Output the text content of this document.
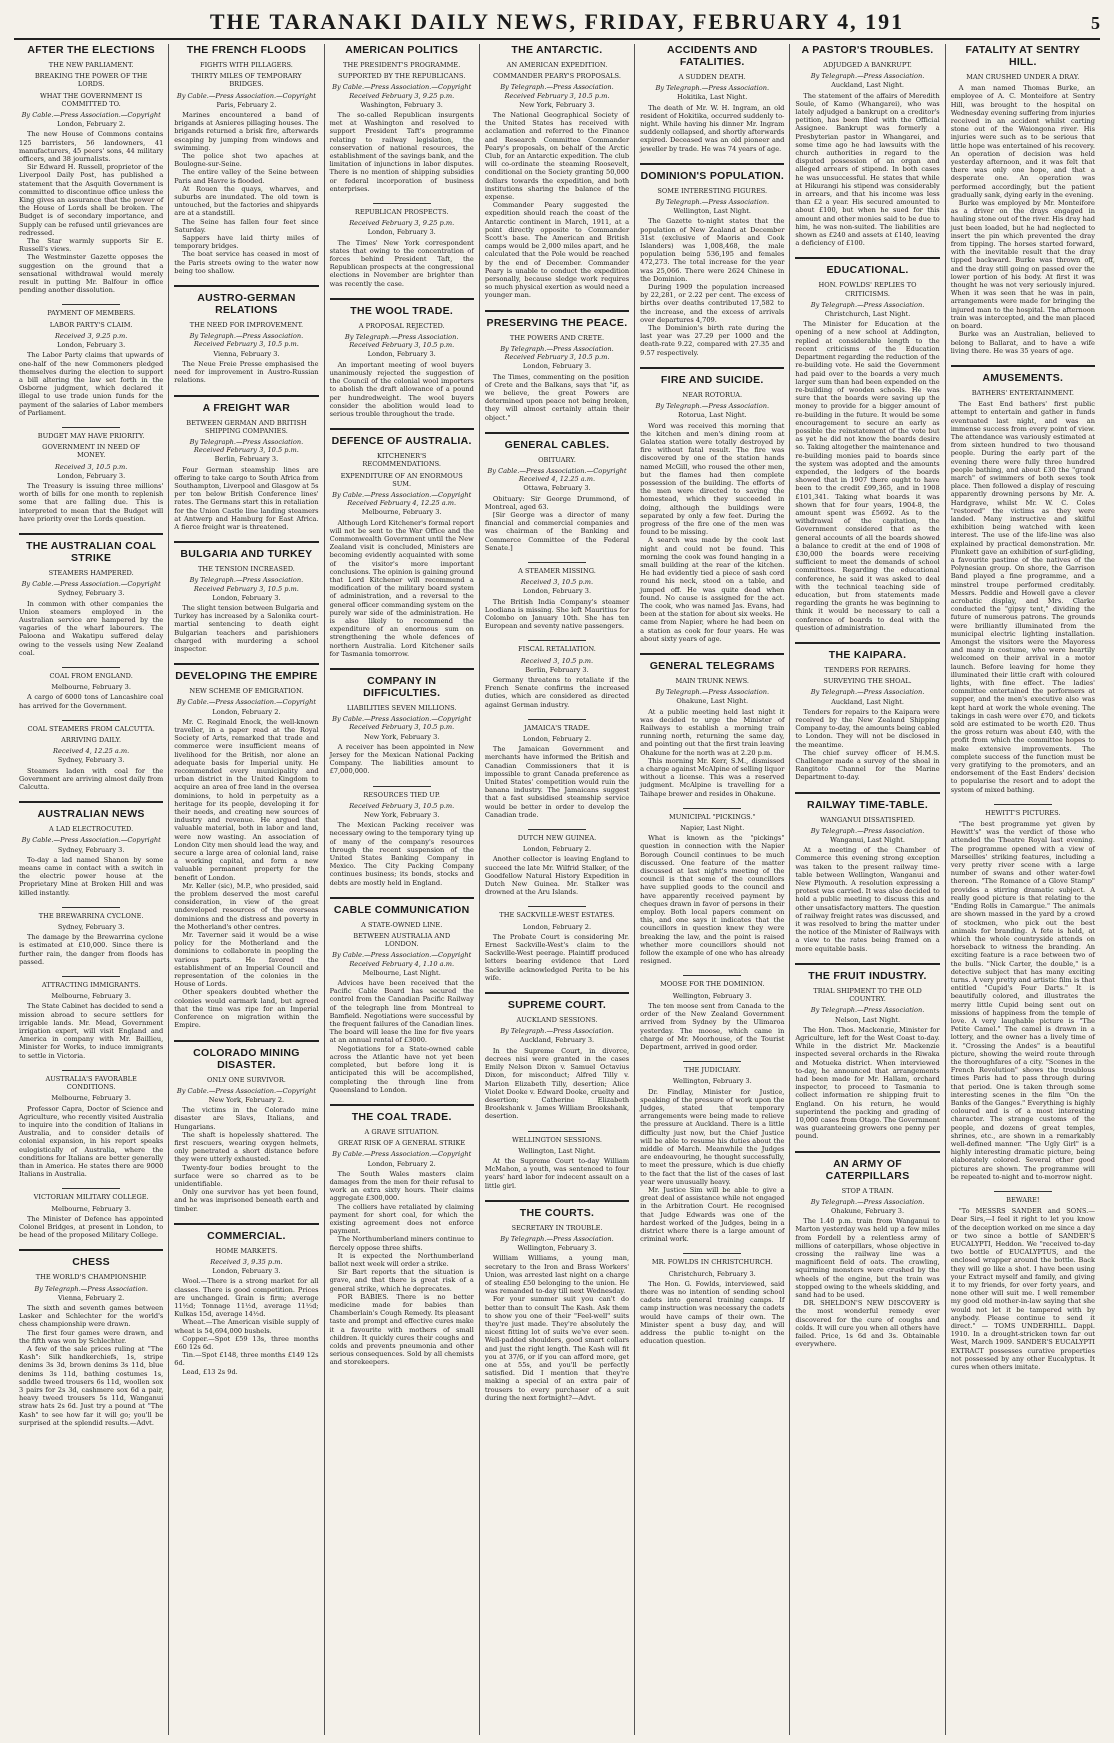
THE TARANAKI DAILY NEWS, FRIDAY, FEBRUARY 4, 191	5
AFTER THE ELECTIONS
THE NEW PARLIAMENT.
BREAKING THE POWER OF THE LORDS.
WHAT THE GOVERNMENT IS COMMITTED TO.
By Cable.—Press Association.—Copyright
London, February 2.

The new House of Commons contains 125 barristers, 56 landowners, 41 manufacturers, 45 peers' sons, 44 military officers, and 38 journalists.

Sir Edward H. Russell, proprietor of the Liverpool Daily Post, has published a statement that the Asquith Government is committed to discontinue office unless the King gives an assurance that the power of the House of Lords shall be broken. The Budget is of secondary importance, and Supply can be refused until grievances are redressed.

The Star warmly supports Sir E. Russell's views.

The Westminster Gazette opposes the suggestion on the ground that a sensational withdrawal would merely result in putting Mr. Balfour in office pending another dissolution.

PAYMENT OF MEMBERS.
LABOR PARTY'S CLAIM.
Received 3, 9.25 p.m.
London, February 3.

The Labor Party claims that upwards of one-half of the new Commoners pledged themselves during the election to support a bill altering the law set forth in the Osborne judgment, which declared it illegal to use trade union funds for the payment of the salaries of Labor members of Parliament.

BUDGET MAY HAVE PRIORITY.
GOVERNMENT IN NEED OF MONEY.
Received 3, 10.5 p.m.
London, February 3.

The Treasury is issuing three millions' worth of bills for one month to replenish some that are falling due. This is interpreted to mean that the Budget will have priority over the Lords question.

THE AUSTRALIAN COAL STRIKE
STEAMERS HAMPERED.
By Cable.—Press Association.—Copyright
Sydney, February 3.

In common with other companies the Union steamers employed in the Australian service are hampered by the vagaries of the wharf labourers. The Paloona and Wakatipu suffered delay owing to the vessels using New Zealand coal.

COAL FROM ENGLAND.
Melbourne, February 3.

A cargo of 6000 tons of Lancashire coal has arrived for the Government.

COAL STEAMERS FROM CALCUTTA.
ARRIVING DAILY.
Received 4, 12.25 a.m.
Sydney, February 3.

Steamers laden with coal for the Government are arriving almost daily from Calcutta.

AUSTRALIAN NEWS
A LAD ELECTROCUTED.
By Cable.—Press Association.—Copyright
Sydney, February 3.

To-day a lad named Shanon by some means came in contact with a switch in the electric power house at the Proprietary Mine at Broken Hill and was killed instantly.

THE BREWARRINA CYCLONE.
Sydney, February 3.

The damage by the Brewarrina cyclone is estimated at £10,000. Since there is further rain, the danger from floods has passed.

ATTRACTING IMMIGRANTS.
Melbourne, February 3.

The State Cabinet has decided to send a mission abroad to secure settlers for irrigable lands. Mr. Mead, Government irrigation expert, will visit England and America in company with Mr. Baillieu, Minister for Works, to induce immigrants to settle in Victoria.

AUSTRALIA'S FAVORABLE CONDITIONS.
Melbourne, February 3.

Professor Capra, Doctor of Science and Agriculture, who recently visited Australia to inquire into the condition of Italians in Australia, and to consider details of colonial expansion, in his report speaks eulogistically of Australia, where the conditions for Italians are better generally than in America. He states there are 9000 Italians in Australia.

VICTORIAN MILITARY COLLEGE.
Melbourne, February 3.

The Minister of Defence has appointed Colonel Bridges, at present in London, to be head of the proposed Military College.

CHESS
THE WORLD'S CHAMPIONSHIP.
By Telegraph.—Press Association.
Vienna, February 2.

The sixth and seventh games between Lasker and Schlechter for the world's chess championship were drawn.

The first four games were drawn, and the fifth was won by Schlechter.

A few of the sale prices ruling at "The Kash": Silk handkerchiefs, 1s, stripe denims 3s 3d, brown denims 3s 11d, blue denims 3s 11d, bathing costumes 1s, saddle tweed trousers 6s 11d, woollen sox 3 pairs for 2s 3d, cashmere sox 6d a pair, heavy tweed trousers 5s 11d, Wanganui straw hats 2s 6d. Just try a pound at "The Kash" to see how far it will go; you'll be surprised at the splendid results.—Advt.

THE FRENCH FLOODS
FIGHTS WITH PILLAGERS.
THIRTY MILES OF TEMPORARY BRIDGES.
By Cable.—Press Association.—Copyright
Paris, February 2.

Marines encountered a band of brigands at Asnieres pillaging houses. The brigands returned a brisk fire, afterwards escaping by jumping from windows and swimming.

The police shot two apaches at Boulogne-sur-Seine.

The entire valley of the Seine between Paris and Havre is flooded.

At Rouen the quays, wharves, and suburbs are inundated. The old town is untouched, but the factories and shipyards are at a standstill.

The Seine has fallen four feet since Saturday.

Sappers have laid thirty miles of temporary bridges.

The boat service has ceased in most of the Paris streets owing to the water now being too shallow.

AUSTRO-GERMAN RELATIONS
THE NEED FOR IMPROVEMENT.
By Telegraph.—Press Association. Received February 3, 10.5 p.m.
Vienna, February 3.

The Neue Freie Presse emphasised the need for improvement in Austro-Russian relations.

A FREIGHT WAR
BETWEEN GERMAN AND BRITISH SHIPPING COMPANIES.
By Telegraph.—Press Association. Received February 3, 10.5 p.m.
Berlin, February 3.

Four German steamship lines are offering to take cargo to South Africa from Southampton, Liverpool and Glasgow at 5s per ton below British Conference lines' rates. The Germans start this in retaliation for the Union Castle line landing steamers at Antwerp and Hamburg for East Africa. A fierce freight war is threatened.

BULGARIA AND TURKEY
THE TENSION INCREASED.
By Telegraph.—Press Association. Received February 3, 10.5 p.m.
London, February 3.

The slight tension between Bulgaria and Turkey has increased by a Salonika court-martial sentencing to death eight Bulgarian teachers and parishioners charged with murdering a school inspector.

DEVELOPING THE EMPIRE
NEW SCHEME OF EMIGRATION.
By Cable.—Press Association.—Copyright
London, February 2.

Mr. C. Reginald Enock, the well-known traveller, in a paper read at the Royal Society of Arts, remarked that trade and commerce were insufficient means of livelihood for the British, nor alone an adequate basis for Imperial unity. He recommended every municipality and urban district in the United Kingdom to acquire an area of free land in the oversea dominions, to hold in perpetuity as a heritage for its people, developing it for their needs, and creating new sources of industry and revenue. He argued that valuable material, both in labor and land, were now wasting. An association of London City men should lead the way, and secure a large area of colonial land, raise a working capital, and form a new valuable permanent property for the benefit of London.

Mr. Keller (sic), M.P., who presided, said the problem deserved the most careful consideration, in view of the great undeveloped resources of the overseas dominions and the distress and poverty in the Motherland's other centres.

Mr. Taverner said it would be a wise policy for the Motherland and the dominions to collaborate in peopling the various parts. He favored the establishment of an Imperial Council and representation of the colonies in the House of Lords.

Other speakers doubted whether the colonies would earmark land, but agreed that the time was ripe for an Imperial Conference on migration within the Empire.

COLORADO MINING DISASTER.
ONLY ONE SURVIVOR.
By Cable.—Press Association.—Copyright
New York, February 2.

The victims in the Colorado mine disaster are Slavs, Italians, and Hungarians.

The shaft is hopelessly shattered. The first rescuers, wearing oxygen helmets, only penetrated a short distance before they were utterly exhausted.

Twenty-four bodies brought to the surface were so charred as to be unidentifiable.

Only one survivor has yet been found, and he was imprisoned beneath earth and timber.

COMMERCIAL.
HOME MARKETS.
Received 3, 9.35 p.m.
London, February 3.

Wool.—There is a strong market for all classes. There is good competition. Prices are unchanged. Grain is firm; average 11½d; Tonnage 11½d, average 11½d; Kulkas 15d, average 14½d.

Wheat.—The American visible supply of wheat is 54,694,000 bushels.

Copper.—Spot £59 13s, three months £60 12s 6d.

Tin.—Spot £148, three months £149 12s 6d.

Lead, £13 2s 9d.

AMERICAN POLITICS
THE PRESIDENT'S PROGRAMME.
SUPPORTED BY THE REPUBLICANS.
By Cable.—Press Association.—Copyright Received February 3, 9.25 p.m.
Washington, February 3.

The so-called Republican insurgents met at Washington and resolved to support President Taft's programme relating to railway legislation, the conservation of national resources, the establishment of the savings bank, and the limitation of injunctions in labor disputes. There is no mention of shipping subsidies or federal incorporation of business enterprises.

REPUBLICAN PROSPECTS.
Received February 3, 9.25 p.m.
London, February 3.

The Times' New York correspondent states that owing to the concentration of forces behind President Taft, the Republican prospects at the congressional elections in November are brighter than was recently the case.

THE WOOL TRADE.
A PROPOSAL REJECTED.
By Telegraph.—Press Association. Received February 3, 10.5 p.m.
London, February 3.

An important meeting of wool buyers unanimously rejected the suggestion of the Council of the colonial wool importers to abolish the draft allowance of a pound per hundredweight. The wool buyers consider the abolition would lead to serious trouble throughout the trade.

DEFENCE OF AUSTRALIA.
KITCHENER'S RECOMMENDATIONS.
EXPENDITURE OF AN ENORMOUS SUM.
By Cable.—Press Association.—Copyright Received February 4, 12.25 a.m.
Melbourne, February 3.

Although Lord Kitchener's formal report will not be sent to the War Office and the Commonwealth Government until the New Zealand visit is concluded, Ministers are becoming evidently acquainted with some of the visitor's more important conclusions. The opinion is gaining ground that Lord Kitchener will recommend a modification of the military board system of administration, and a reversal to the general officer commanding system on the purely war side of the administration. He is also likely to recommend the expenditure of an enormous sum on strengthening the whole defences of northern Australia. Lord Kitchener sails for Tasmania tomorrow.

COMPANY IN DIFFICULTIES.
LIABILITIES SEVEN MILLIONS.
By Cable.—Press Association.—Copyright Received February 3, 10.5 p.m.
New York, February 3.

A receiver has been appointed in New Jersey for the Mexican National Packing Company. The liabilities amount to £7,000,000.

RESOURCES TIED UP.
Received February 3, 10.5 p.m.
New York, February 3.

The Mexican Packing receiver was necessary owing to the temporary tying up of many of the company's resources through the recent suspension of the United States Banking Company in Mexico. The City Packing Company continues business; its bonds, stocks and debts are mostly held in England.

CABLE COMMUNICATION
A STATE-OWNED LINE.
BETWEEN AUSTRALIA AND LONDON.
By Cable.—Press Association.—Copyright Received February 4, 1.10 a.m.
Melbourne, Last Night.

Advices have been received that the Pacific Cable Board has secured the control from the Canadian Pacific Railway of the telegraph line from Montreal to Bamfield. Negotiations were successful by the frequent failures of the Canadian lines. The board will lease the line for five years at an annual rental of £3000.

Negotiations for a State-owned cable across the Atlantic have not yet been completed, but before long it is anticipated this will be accomplished, completing the through line from Queensland to London.

THE COAL TRADE.
A GRAVE SITUATION.
GREAT RISK OF A GENERAL STRIKE
By Cable.—Press Association.—Copyright
London, February 2.

The South Wales masters claim damages from the men for their refusal to work an extra sixty hours. Their claims aggregate £300,000.

The colliers have retaliated by claiming payment for short coal, for which the existing agreement does not enforce payment.

The Northumberland miners continue to fiercely oppose three shifts.

It is expected the Northumberland ballot next week will order a strike.

Sir Bart reports that the situation is grave, and that there is great risk of a general strike, which he deprecates.

FOR BABIES. There is no better medicine made for babies than Chamberlain's Cough Remedy. Its pleasant taste and prompt and effective cures make it a favourite with mothers of small children. It quickly cures their coughs and colds and prevents pneumonia and other serious consequences. Sold by all chemists and storekeepers.

THE ANTARCTIC.
AN AMERICAN EXPEDITION.
COMMANDER PEARY'S PROPOSALS.
By Telegraph.—Press Association. Received February 3, 10.5 p.m.
New York, February 3.

The National Geographical Society of the United States has received with acclamation and referred to the Finance and Research Committee Commander Peary's proposals, on behalf of the Arctic Club, for an Antarctic expedition. The club will co-ordinate the steaming Roosevelt, conditional on the Society granting 50,000 dollars towards the expedition, and both institutions sharing the balance of the expense.

Commander Peary suggested the expedition should reach the coast of the Antarctic continent in March, 1911, at a point directly opposite to Commander Scott's base. The American and British camps would be 2,000 miles apart, and he calculated that the Pole would be reached by the end of December. Commander Peary is unable to conduct the expedition personally, because sledge work requires so much physical exertion as would need a younger man.

PRESERVING THE PEACE.
THE POWERS AND CRETE.
By Telegraph.—Press Association. Received February 3, 10.5 p.m.
London, February 3.

The Times, commenting on the position of Crete and the Balkans, says that "if, as we believe, the great Powers are determined upon peace not being broken, they will almost certainly attain their object."

GENERAL CABLES.
OBITUARY.
By Cable.—Press Association.—Copyright Received 4, 12.25 a.m.
Ottawa, February 3.

Obituary: Sir George Drummond, of Montreal, aged 63.

[Sir George was a director of many financial and commercial companies and was chairman of the Banking and Commerce Committee of the Federal Senate.]

A STEAMER MISSING.
Received 3, 10.5 p.m.
London, February 3.

The British India Company's steamer Loodiana is missing. She left Mauritius for Colombo on January 10th. She has ten European and seventy native passengers.

FISCAL RETALIATION.
Received 3, 10.5 p.m.
Berlin, February 3.

Germany threatens to retaliate if the French Senate confirms the increased duties, which are considered as directed against German industry.

JAMAICA'S TRADE.
London, February 2.

The Jamaican Government and merchants have informed the British and Canadian Commissioners that it is impossible to grant Canada preference as United States' competition would ruin the banana industry. The Jamaicans suggest that a fast subsidised steamship service would be better in order to develop the Canadian trade.

DUTCH NEW GUINEA.
London, February 2.

Another collector is leaving England to succeed the late Mr. Wilfrid Stalker, of the Goodfellow Natural History Expedition in Dutch New Guinea. Mr. Stalker was drowned at the Aru Islands.

THE SACKVILLE-WEST ESTATES.
London, February 2.

The Probate Court is considering Mr. Ernest Sackville-West's claim to the Sackville-West peerage. Plaintiff produced letters bearing evidence that Lord Sackville acknowledged Perita to be his wife.

SUPREME COURT.
AUCKLAND SESSIONS.
By Telegraph.—Press Association.
Auckland, February 3.

In the Supreme Court, in divorce, decrees nisi were granted in the cases Emily Nelson Dixon v. Samuel Octavius Dixon, for misconduct; Alfred Tilly v. Marion Elizabeth Tilly, desertion; Alice Violet Dooke v. Edward Dooke, cruelty and desertion; Catherine Elizabeth Brookshank v. James William Brookshank, desertion.

WELLINGTON SESSIONS.
Wellington, Last Night.

At the Supreme Court to-day William McMahon, a youth, was sentenced to four years' hard labor for indecent assault on a little girl.

THE COURTS.
SECRETARY IN TROUBLE.
By Telegraph.—Press Association.
Wellington, February 3.

William Williams, a young man, secretary to the Iron and Brass Workers' Union, was arrested last night on a charge of stealing £50 belonging to the union. He was remanded to-day till next Wednesday.

For your summer suit you can't do better than to consult The Kash. Ask them to show you one of their "Feel-well" suits they're just made. They're absolutely the nicest fitting lot of suits we've ever seen. Well-padded shoulders, good smart collars and just the right length. The Kash will fit you at 37/6, or if you can afford more, get one at 55s, and you'll be perfectly satisfied. Did I mention that they're making a special of an extra pair of trousers to every purchaser of a suit during the next fortnight?—Advt.

ACCIDENTS AND FATALITIES.
A SUDDEN DEATH.
By Telegraph.—Press Association.
Hokitika, Last Night.

The death of Mr. W. H. Ingram, an old resident of Hokitika, occurred suddenly to-night. While having his dinner Mr. Ingram suddenly collapsed, and shortly afterwards expired. Deceased was an old pioneer and jeweller by trade. He was 74 years of age.

DOMINION'S POPULATION.
SOME INTERESTING FIGURES.
By Telegraph.—Press Association.
Wellington, Last Night.

The Gazette to-night states that the population of New Zealand at December 31st (exclusive of Maoris and Cook Islanders) was 1,008,468, the male population being 536,195 and females 472,273. The total increase for the year was 25,066. There were 2624 Chinese in the Dominion.

During 1909 the population increased by 22,281, or 2.22 per cent. The excess of births over deaths contributed 17,582 to the increase, and the excess of arrivals over departures 4,709.

The Dominion's birth rate during the last year was 27.29 per 1000 and the death-rate 9.22, compared with 27.35 and 9.57 respectively.

FIRE AND SUICIDE.
NEAR ROTORUA.
By Telegraph.—Press Association.
Rotorua, Last Night.

Word was received this morning that the kitchen and men's dining room at Galatea station were totally destroyed by fire without fatal result. The fire was discovered by one of the station hands named McGill, who roused the other men, but the flames had then complete possession of the building. The efforts of the men were directed to saving the homestead, which they succeeded in doing, although the buildings were separated by only a few feet. During the progress of the fire one of the men was found to be missing.

A search was made by the cook last night and could not be found. This morning the cook was found hanging in a small building at the rear of the kitchen. He had evidently tied a piece of sash cord round his neck, stood on a table, and jumped off. He was quite dead when found. No cause is assigned for the act. The cook, who was named Jas. Evans, had been at the station for about six weeks. He came from Napier, where he had been on a station as cook for four years. He was about sixty years of age.

GENERAL TELEGRAMS
MAIN TRUNK NEWS.
By Telegraph.—Press Association.
Ohakune, Last Night.

At a public meeting held last night it was decided to urge the Minister of Railways to establish a morning train running north, returning the same day, and pointing out that the first train leaving Ohakune for the north was at 2.20 p.m.

This morning Mr. Kerr, S.M., dismissed a charge against McAlpine of selling liquor without a license. This was a reserved judgment. McAlpine is travelling for a Taihape brewer and resides in Ohakune.

MUNICIPAL "PICKINGS."
Napier, Last Night.

What is known as the "pickings" question in connection with the Napier Borough Council continues to be much discussed. One feature of the matter discussed at last night's meeting of the council is that some of the councillors have supplied goods to the council and have apparently received payment by cheques drawn in favor of persons in their employ. Both local papers comment on this, and one says it indicates that the councillors in question knew they were breaking the law, and the point is raised whether more councillors should not follow the example of one who has already resigned.

MOOSE FOR THE DOMINION.
Wellington, February 3.

The ten moose sent from Canada to the order of the New Zealand Government arrived from Sydney by the Ulimaroa yesterday. The moose, which came in charge of Mr. Moorhouse, of the Tourist Department, arrived in good order.

THE JUDICIARY.
Wellington, February 3.

Dr. Findlay, Minister for Justice, speaking of the pressure of work upon the Judges, stated that temporary arrangements were being made to relieve the pressure at Auckland. There is a little difficulty just now, but the Chief Justice will be able to resume his duties about the middle of March. Meanwhile the Judges are endeavouring, he thought successfully, to meet the pressure, which is due chiefly to the fact that the list of the cases of last year were unusually heavy.

Mr. Justice Sim will be able to give a great deal of assistance while not engaged in the Arbitration Court. He recognised that Judge Edwards was one of the hardest worked of the Judges, being in a district where there is a large amount of criminal work.

MR. FOWLDS IN CHRISTCHURCH.
Christchurch, February 3.

The Hon. G. Fowlds, interviewed, said there was no intention of sending school cadets into general training camps. If camp instruction was necessary the cadets would have camps of their own. The Minister spent a busy day, and will address the public to-night on the education question.

A PASTOR'S TROUBLES.
ADJUDGED A BANKRUPT.
By Telegraph.—Press Association.
Auckland, Last Night.

The statement of the affairs of Meredith Soule, of Kamo (Whangarei), who was lately adjudged a bankrupt on a creditor's petition, has been filed with the Official Assignee. Bankrupt was formerly a Presbyterian pastor in Whangarei, and some time ago he had lawsuits with the church authorities in regard to the disputed possession of an organ and alleged arrears of stipend. In both cases he was unsuccessful. He states that while at Hikurangi his stipend was considerably in arrears, and that his income was less than £2 a year. His secured amounted to about £100, but when he sued for this amount and other monies said to be due to him, he was non-suited. The liabilities are shown as £240 and assets at £140, leaving a deficiency of £100.

EDUCATIONAL.
HON. FOWLDS' REPLIES TO CRITICISMS.
By Telegraph.—Press Association.
Christchurch, Last Night.

The Minister for Education at the opening of a new school at Addington, replied at considerable length to the recent criticisms of the Education Department regarding the reduction of the re-building vote. He said the Government had paid over to the boards a very much larger sum than had been expended on the re-building of wooden schools. He was sure that the boards were saving up the money to provide for a bigger amount of re-building in the future. It would be some encouragement to secure an early as possible the reinstatement of the vote but as yet he did not know the boards desire so. Taking altogether the maintenance and re-building monies paid to boards since the system was adopted and the amounts expended, the ledgers of the boards showed that in 1907 there ought to have been to the credit £99,365, and in 1908 £101,341. Taking what boards it was shown that for four years, 1904-8, the amount spent was £5692. As to the withdrawal of the capitation, the Government considered that as the general accounts of all the boards showed a balance to credit at the end of 1908 of £30,000 the boards were receiving sufficient to meet the demands of school committees. Regarding the educational conference, he said it was asked to deal with the technical teaching side of education, but from statements made regarding the grants he was beginning to think it would be necessary to call a conference of boards to deal with the question of administration.

THE KAIPARA.
TENDERS FOR REPAIRS.
SURVEYING THE SHOAL.
By Telegraph.—Press Association.
Auckland, Last Night.

Tenders for repairs to the Kaipara were received by the New Zealand Shipping Company to-day, the amounts being cabled to London. They will not be disclosed in the meantime.

The chief survey officer of H.M.S. Challenger made a survey of the shoal in Rangitoto Channel for the Marine Department to-day.

RAILWAY TIME-TABLE.
WANGANUI DISSATISFIED.
By Telegraph.—Press Association.
Wanganui, Last Night.

At a meeting of the Chamber of Commerce this evening strong exception was taken to the present railway time-table between Wellington, Wanganui and New Plymouth. A resolution expressing a protest was carried. It was also decided to hold a public meeting to discuss this and other unsatisfactory matters. The question of railway freight rates was discussed, and it was resolved to bring the matter under the notice of the Minister of Railways with a view to the rates being framed on a more equitable basis.

THE FRUIT INDUSTRY.
TRIAL SHIPMENT TO THE OLD COUNTRY.
By Telegraph.—Press Association.
Nelson, Last Night.

The Hon. Thos. Mackenzie, Minister for Agriculture, left for the West Coast to-day. While in the district Mr. Mackenzie inspected several orchards in the Riwaka and Motueka district. When interviewed to-day, he announced that arrangements had been made for Mr. Hallam, orchard inspector, to proceed to Tasmania to collect information re shipping fruit to England. On his return, he would superintend the packing and grading of 10,000 cases from Otago. The Government was guaranteeing growers one penny per pound.

AN ARMY OF CATERPILLARS
STOP A TRAIN.
By Telegraph.—Press Association.
Ohakune, February 3.

The 1.40 p.m. train from Wanganui to Marton yesterday was held up a few miles from Fordell by a relentless army of millions of caterpillars, whose objective in crossing the railway line was a magnificent field of oats. The crawling, squirming monsters were crushed by the wheels of the engine, but the train was stopped owing to the wheels skidding, and sand had to be used.

DR. SHELDON'S NEW DISCOVERY is the most wonderful remedy ever discovered for the cure of coughs and colds. It will cure you when all others have failed. Price, 1s 6d and 3s. Obtainable everywhere.

FATALITY AT SENTRY HILL.
MAN CRUSHED UNDER A DRAY.

A man named Thomas Burke, an employee of A. C. Monteifore at Sentry Hill, was brought to the hospital on Wednesday evening suffering from injuries received in an accident whilst carting stone out of the Waiongona river. His injuries were such as to be serious that little hope was entertained of his recovery. An operation of decision was held yesterday afternoon, and it was felt that there was only one hope, and that a desperate one. An operation was performed accordingly, but the patient gradually sank, dying early in the evening.

Burke was employed by Mr. Monteifore as a driver on the drays engaged in hauling stone out of the river. His dray had just been loaded, but he had neglected to insert the pin which prevented the dray from tipping. The horses started forward, with the inevitable result that the dray tipped backward. Burke was thrown off, and the dray still going on passed over the lower portion of his body. At first it was thought he was not very seriously injured. When it was seen that he was in pain, arrangements were made for bringing the injured man to the hospital. The afternoon train was intercepted, and the man placed on board.

Burke was an Australian, believed to belong to Ballarat, and to have a wife living there. He was 35 years of age.

AMUSEMENTS.
BATHERS' ENTERTAINMENT.

The East End bathers' first public attempt to entertain and gather in funds eventuated last night, and was an immense success from every point of view. The attendance was variously estimated at from sixteen hundred to two thousand people. During the early part of the evening there were fully three hundred people bathing, and about £30 the "grand march" of swimmers of both sexes took place. Then followed a display of rescuing apparently drowning persons by Mr. A. Hardgrave, whilst Mr. W. C. Coles "restored" the victims as they were landed. Many instructive and skilful exhibition being watched with keen interest. The use of the life-line was also explained by practical demonstration. Mr. Plunkett gave an exhibition of surf-gliding, a favourite pastime of the natives of the Polynesian group. On shore, the Garrison Band played a fine programme, and a minstrel troupe performed creditably. Messrs. Peddie and Howell gave a clever acrobatic display, and Mrs. Clarke conducted the "gipsy tent," dividing the future of numerous patrons. The grounds were brilliantly illuminated from the municipal electric lighting installation. Amongst the visitors were the Mayoress and many in costume, who were heartily welcomed on their arrival in a motor launch. Before leaving for home they illuminated their little craft with coloured lights, with fine effect. The ladies' committee entertained the performers at supper, and the men's executive also was kept hard at work the whole evening. The takings in cash were over £70, and tickets sold are estimated to be worth £20. Thus the gross return was about £40, with the profit from which the committee hopes to make extensive improvements. The complete success of the function must be very gratifying to the promoters, and an endorsement of the East Enders' decision to popularise the resort and to adopt the system of mixed bathing.

HEWITT'S PICTURES.

"The best programme yet given by Hewitt's" was the verdict of those who attended the Theatre Royal last evening. The programme opened with a view of Marseilles' striking features, including a very pretty river scene with a large number of swans and other water-fowl thereon. "The Romance of a Glove Stamp" provides a stirring dramatic subject. A really good picture is that relating to the "Ending Rolls in Camargue." The animals are shown massed in the yard by a crowd of stockmen, who pick out the best animals for branding. A fete is held, at which the whole countryside attends on horseback to witness the branding. An exciting feature is a race between two of the bulls. "Nick Carter, the double," is a detective subject that has many exciting turns. A very pretty and artistic film is that entitled "Cupid's Four Darts." It is beautifully colored, and illustrates the merry little Cupid being sent out on missions of happiness from the temple of love. A very laughable picture is "The Petite Camel." The camel is drawn in a lottery, and the owner has a lively time of it. "Crossing the Andes" is a beautiful picture, showing the weird route through the thoroughfares of a city. "Scenes in the French Revolution" shows the troublous times Paris had to pass through during that period. One is taken through some interesting scenes in the film "On the Banks of the Ganges." Everything is highly coloured and is of a most interesting character. The strange customs of the people, and dozens of great temples, shrines, etc., are shown in a remarkably well-defined manner. "The Ugly Girl" is a highly interesting dramatic picture, being elaborately colored. Several other good pictures are shown. The programme will be repeated to-night and to-morrow night.

BEWARE!

"To MESSRS SANDER and SONS.—Dear Sirs,—I feel it right to let you know of the deception worked on me since a day or two since a bottle of SANDER'S EUCALYPTI, Heddon. We "received to-day two bottle of EUCALYPTUS, and the enclosed wrapper around the bottle. Back they will go like a shot. I have been using your Extract myself and family, and giving it to my friends, for over forty years, and none other will suit me. I well remember my good old mother-in-law saying that she would not let it be tampered with by anybody. Please continue to send it direct." — TOMS UNDERHILL. Dappl. 1910. In a drought-stricken town far out West, March 1909. SANDER'S EUCALYPTI EXTRACT possesses curative properties not possessed by any other Eucalyptus. It cures when others imitate.
